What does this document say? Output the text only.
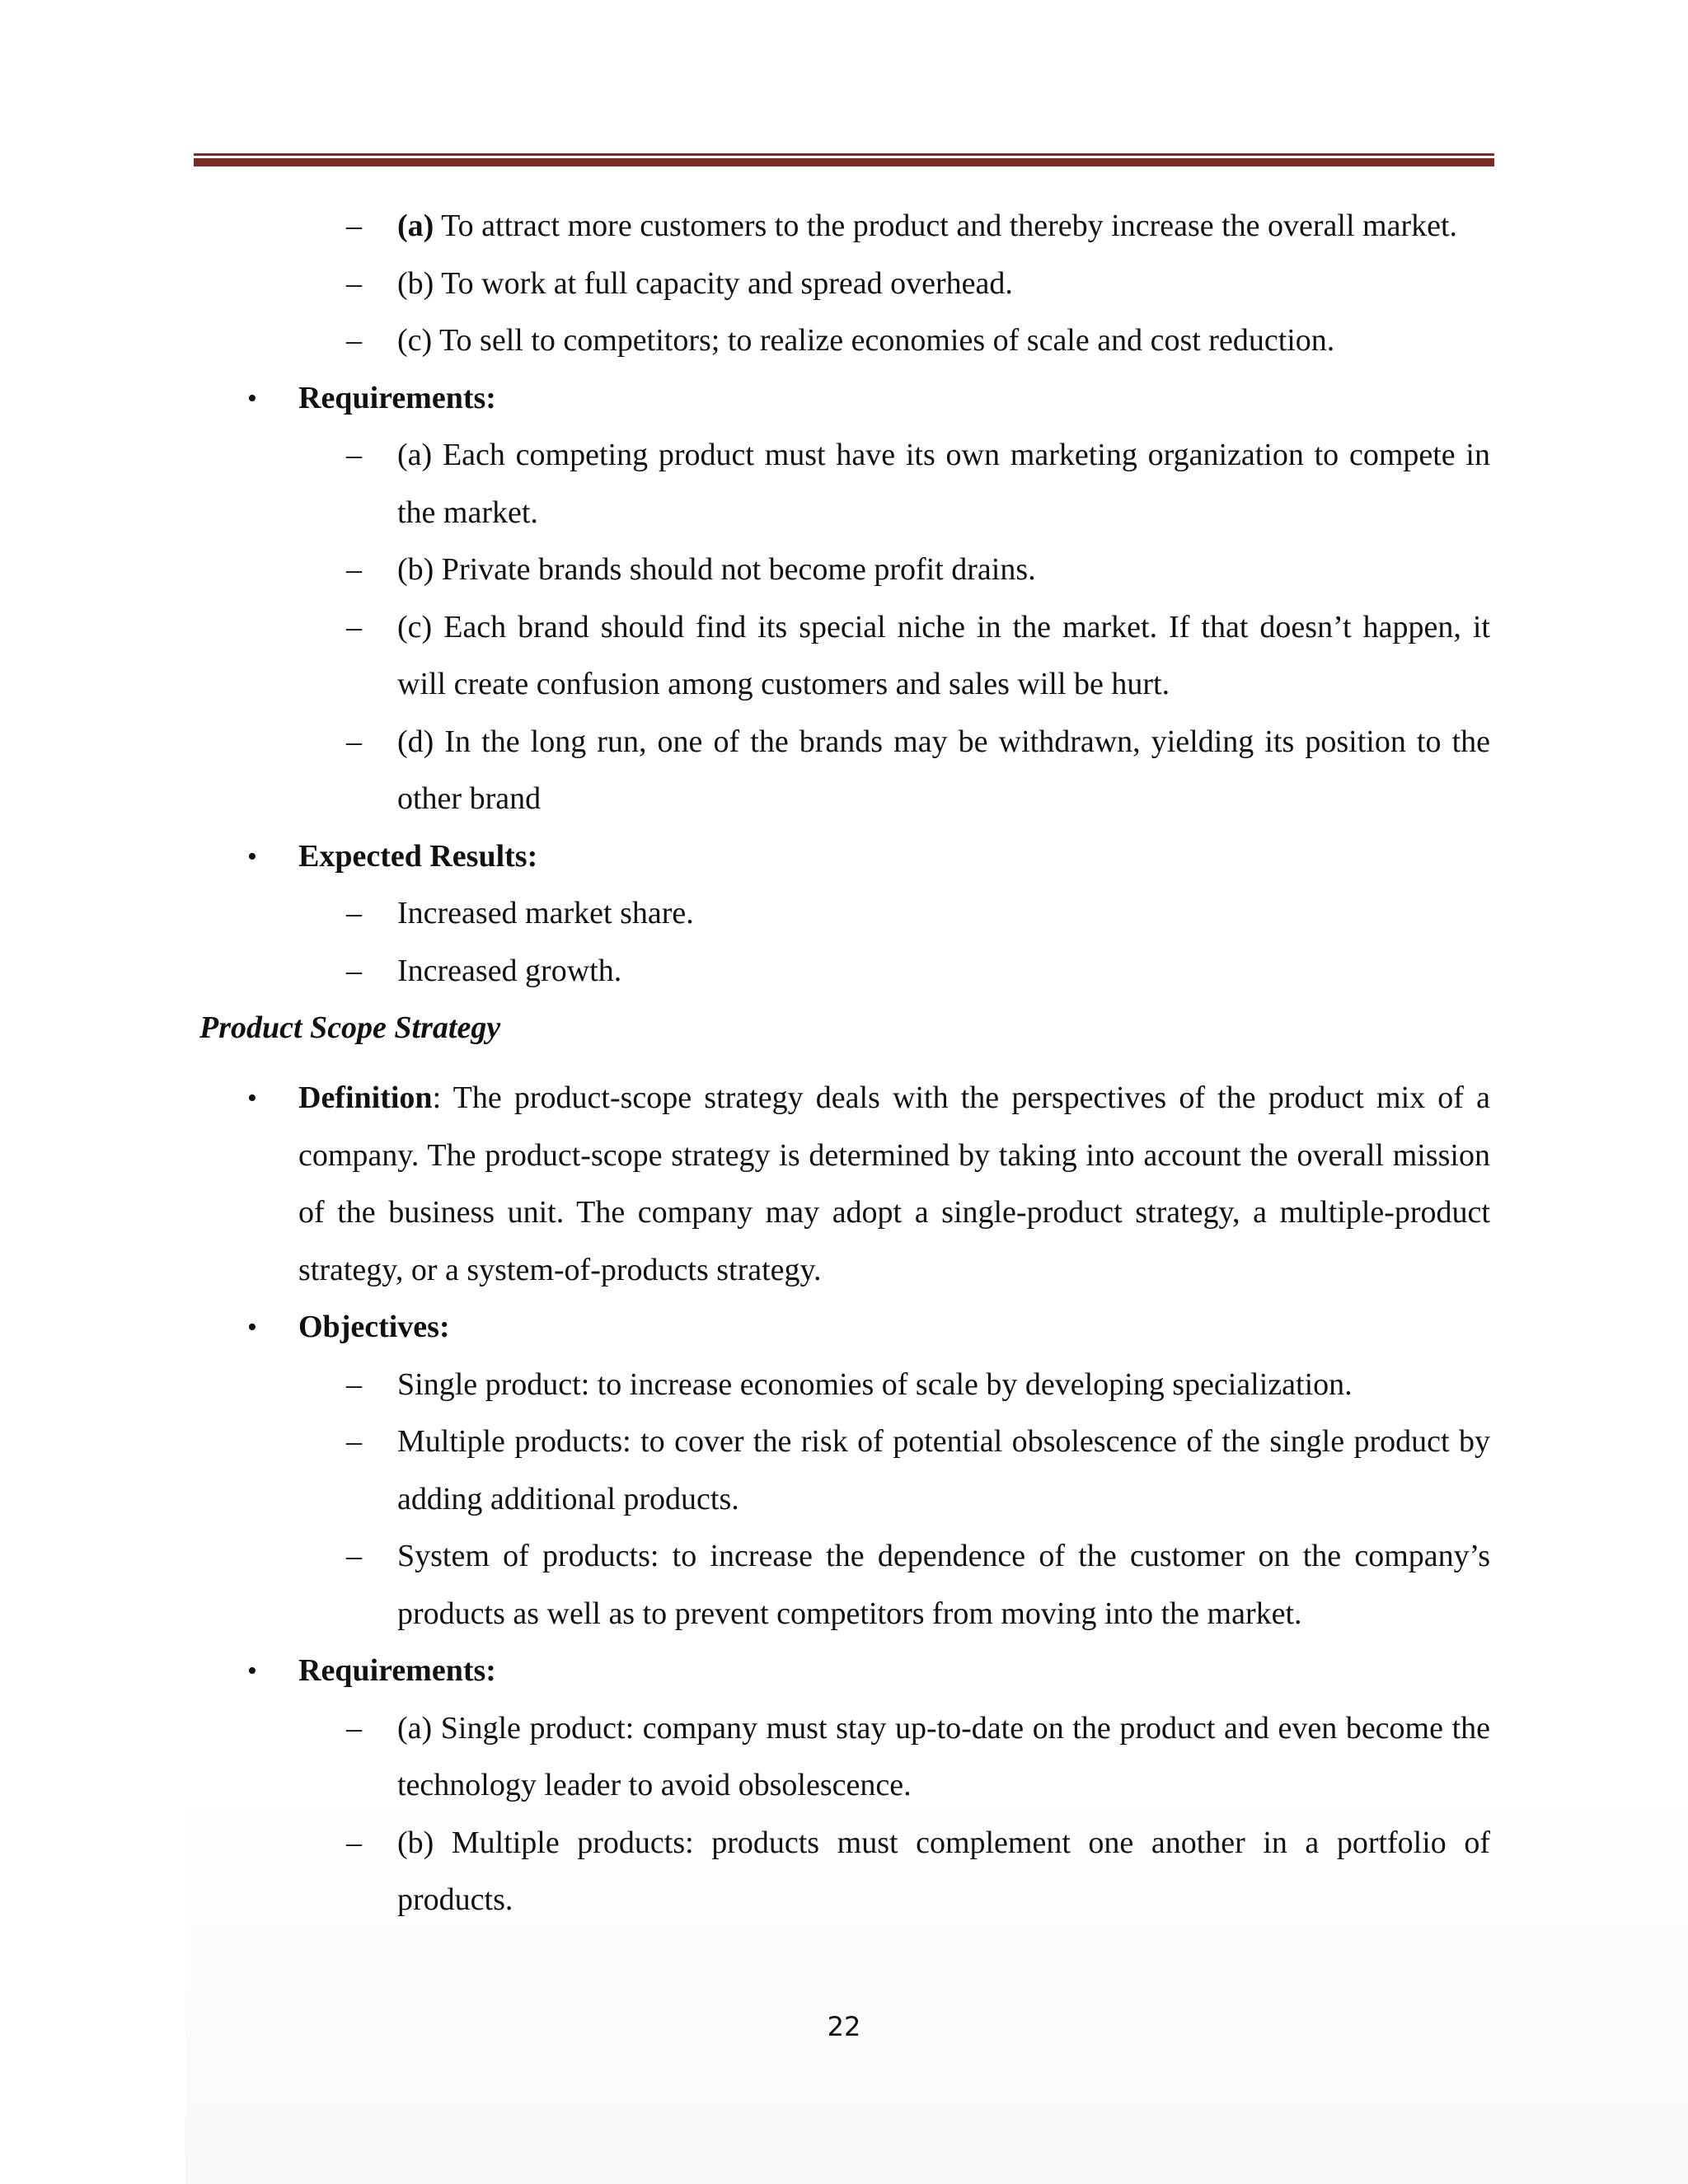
– (a) To attract more customers to the product and thereby increase the overall market.
– (b) To work at full capacity and spread overhead.
– (c) To sell to competitors; to realize economies of scale and cost reduction.
• Requirements:
– (a) Each competing product must have its own marketing organization to compete in the market.
– (b) Private brands should not become profit drains.
– (c) Each brand should find its special niche in the market. If that doesn’t happen, it will create confusion among customers and sales will be hurt.
– (d) In the long run, one of the brands may be withdrawn, yielding its position to the other brand
• Expected Results:
– Increased market share.
– Increased growth.
Product Scope Strategy
• Definition: The product-scope strategy deals with the perspectives of the product mix of a company. The product-scope strategy is determined by taking into account the overall mission of the business unit. The company may adopt a single-product strategy, a multiple-product strategy, or a system-of-products strategy.
• Objectives:
– Single product: to increase economies of scale by developing specialization.
– Multiple products: to cover the risk of potential obsolescence of the single product by adding additional products.
– System of products: to increase the dependence of the customer on the company’s products as well as to prevent competitors from moving into the market.
• Requirements:
– (a) Single product: company must stay up-to-date on the product and even become the technology leader to avoid obsolescence.
– (b) Multiple products: products must complement one another in a portfolio of products.
22
